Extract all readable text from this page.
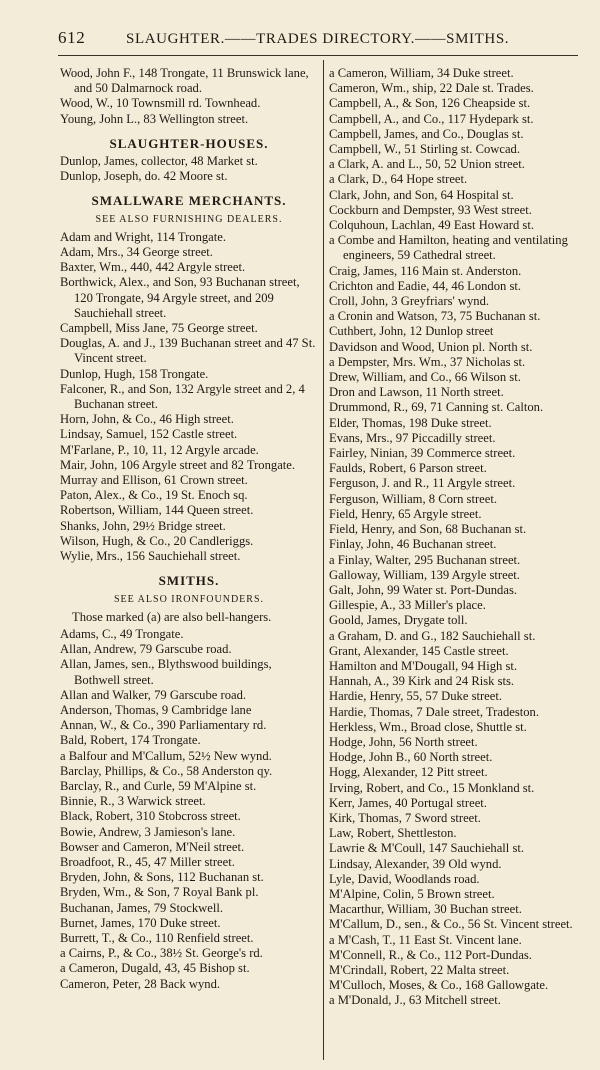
612	SLAUGHTER.——TRADES DIRECTORY.——SMITHS.

Wood, John F., 148 Trongate, 11 Brunswick lane, and 50 Dalmarnock road.

Wood, W., 10 Townsmill rd. Townhead.

Young, John L., 83 Wellington street.

SLAUGHTER-HOUSES.

Dunlop, James, collector, 48 Market st.

Dunlop, Joseph, do. 42 Moore st.

SMALLWARE MERCHANTS.
SEE ALSO FURNISHING DEALERS.

Adam and Wright, 114 Trongate.

Adam, Mrs., 34 George street.

Baxter, Wm., 440, 442 Argyle street.

Borthwick, Alex., and Son, 93 Buchanan street, 120 Trongate, 94 Argyle street, and 209 Sauchiehall street.

Campbell, Miss Jane, 75 George street.

Douglas, A. and J., 139 Buchanan street and 47 St. Vincent street.

Dunlop, Hugh, 158 Trongate.

Falconer, R., and Son, 132 Argyle street and 2, 4 Buchanan street.

Horn, John, & Co., 46 High street.

Lindsay, Samuel, 152 Castle street.

M'Farlane, P., 10, 11, 12 Argyle arcade.

Mair, John, 106 Argyle street and 82 Trongate.

Murray and Ellison, 61 Crown street.

Paton, Alex., & Co., 19 St. Enoch sq.

Robertson, William, 144 Queen street.

Shanks, John, 29½ Bridge street.

Wilson, Hugh, & Co., 20 Candleriggs.

Wylie, Mrs., 156 Sauchiehall street.

SMITHS.
SEE ALSO IRONFOUNDERS.
Those marked (a) are also bell-hangers.

Adams, C., 49 Trongate.

Allan, Andrew, 79 Garscube road.

Allan, James, sen., Blythswood buildings, Bothwell street.

Allan and Walker, 79 Garscube road.

Anderson, Thomas, 9 Cambridge lane

Annan, W., & Co., 390 Parliamentary rd.

Bald, Robert, 174 Trongate.

a Balfour and M'Callum, 52½ New wynd.

Barclay, Phillips, & Co., 58 Anderston qy.

Barclay, R., and Curle, 59 M'Alpine st.

Binnie, R., 3 Warwick street.

Black, Robert, 310 Stobcross street.

Bowie, Andrew, 3 Jamieson's lane.

Bowser and Cameron, M'Neil street.

Broadfoot, R., 45, 47 Miller street.

Bryden, John, & Sons, 112 Buchanan st.

Bryden, Wm., & Son, 7 Royal Bank pl.

Buchanan, James, 79 Stockwell.

Burnet, James, 170 Duke street.

Burrett, T., & Co., 110 Renfield street.

a Cairns, P., & Co., 38½ St. George's rd.

a Cameron, Dugald, 43, 45 Bishop st.

Cameron, Peter, 28 Back wynd.

a Cameron, William, 34 Duke street.

Cameron, Wm., ship, 22 Dale st. Trades.

Campbell, A., & Son, 126 Cheapside st.

Campbell, A., and Co., 117 Hydepark st.

Campbell, James, and Co., Douglas st.

Campbell, W., 51 Stirling st. Cowcad.

a Clark, A. and L., 50, 52 Union street.

a Clark, D., 64 Hope street.

Clark, John, and Son, 64 Hospital st.

Cockburn and Dempster, 93 West street.

Colquhoun, Lachlan, 49 East Howard st.

a Combe and Hamilton, heating and ventilating engineers, 59 Cathedral street.

Craig, James, 116 Main st. Anderston.

Crichton and Eadie, 44, 46 London st.

Croll, John, 3 Greyfriars' wynd.

a Cronin and Watson, 73, 75 Buchanan st.

Cuthbert, John, 12 Dunlop street

Davidson and Wood, Union pl. North st.

a Dempster, Mrs. Wm., 37 Nicholas st.

Drew, William, and Co., 66 Wilson st.

Dron and Lawson, 11 North street.

Drummond, R., 69, 71 Canning st. Calton.

Elder, Thomas, 198 Duke street.

Evans, Mrs., 97 Piccadilly street.

Fairley, Ninian, 39 Commerce street.

Faulds, Robert, 6 Parson street.

Ferguson, J. and R., 11 Argyle street.

Ferguson, William, 8 Corn street.

Field, Henry, 65 Argyle street.

Field, Henry, and Son, 68 Buchanan st.

Finlay, John, 46 Buchanan street.

a Finlay, Walter, 295 Buchanan street.

Galloway, William, 139 Argyle street.

Galt, John, 99 Water st. Port-Dundas.

Gillespie, A., 33 Miller's place.

Goold, James, Drygate toll.

a Graham, D. and G., 182 Sauchiehall st.

Grant, Alexander, 145 Castle street.

Hamilton and M'Dougall, 94 High st.

Hannah, A., 39 Kirk and 24 Risk sts.

Hardie, Henry, 55, 57 Duke street.

Hardie, Thomas, 7 Dale street, Tradeston.

Herkless, Wm., Broad close, Shuttle st.

Hodge, John, 56 North street.

Hodge, John B., 60 North street.

Hogg, Alexander, 12 Pitt street.

Irving, Robert, and Co., 15 Monkland st.

Kerr, James, 40 Portugal street.

Kirk, Thomas, 7 Sword street.

Law, Robert, Shettleston.

Lawrie & M'Coull, 147 Sauchiehall st.

Lindsay, Alexander, 39 Old wynd.

Lyle, David, Woodlands road.

M'Alpine, Colin, 5 Brown street.

Macarthur, William, 30 Buchan street.

M'Callum, D., sen., & Co., 56 St. Vincent street.

a M'Cash, T., 11 East St. Vincent lane.

M'Connell, R., & Co., 112 Port-Dundas.

M'Crindall, Robert, 22 Malta street.

M'Culloch, Moses, & Co., 168 Gallowgate.

a M'Donald, J., 63 Mitchell street.
